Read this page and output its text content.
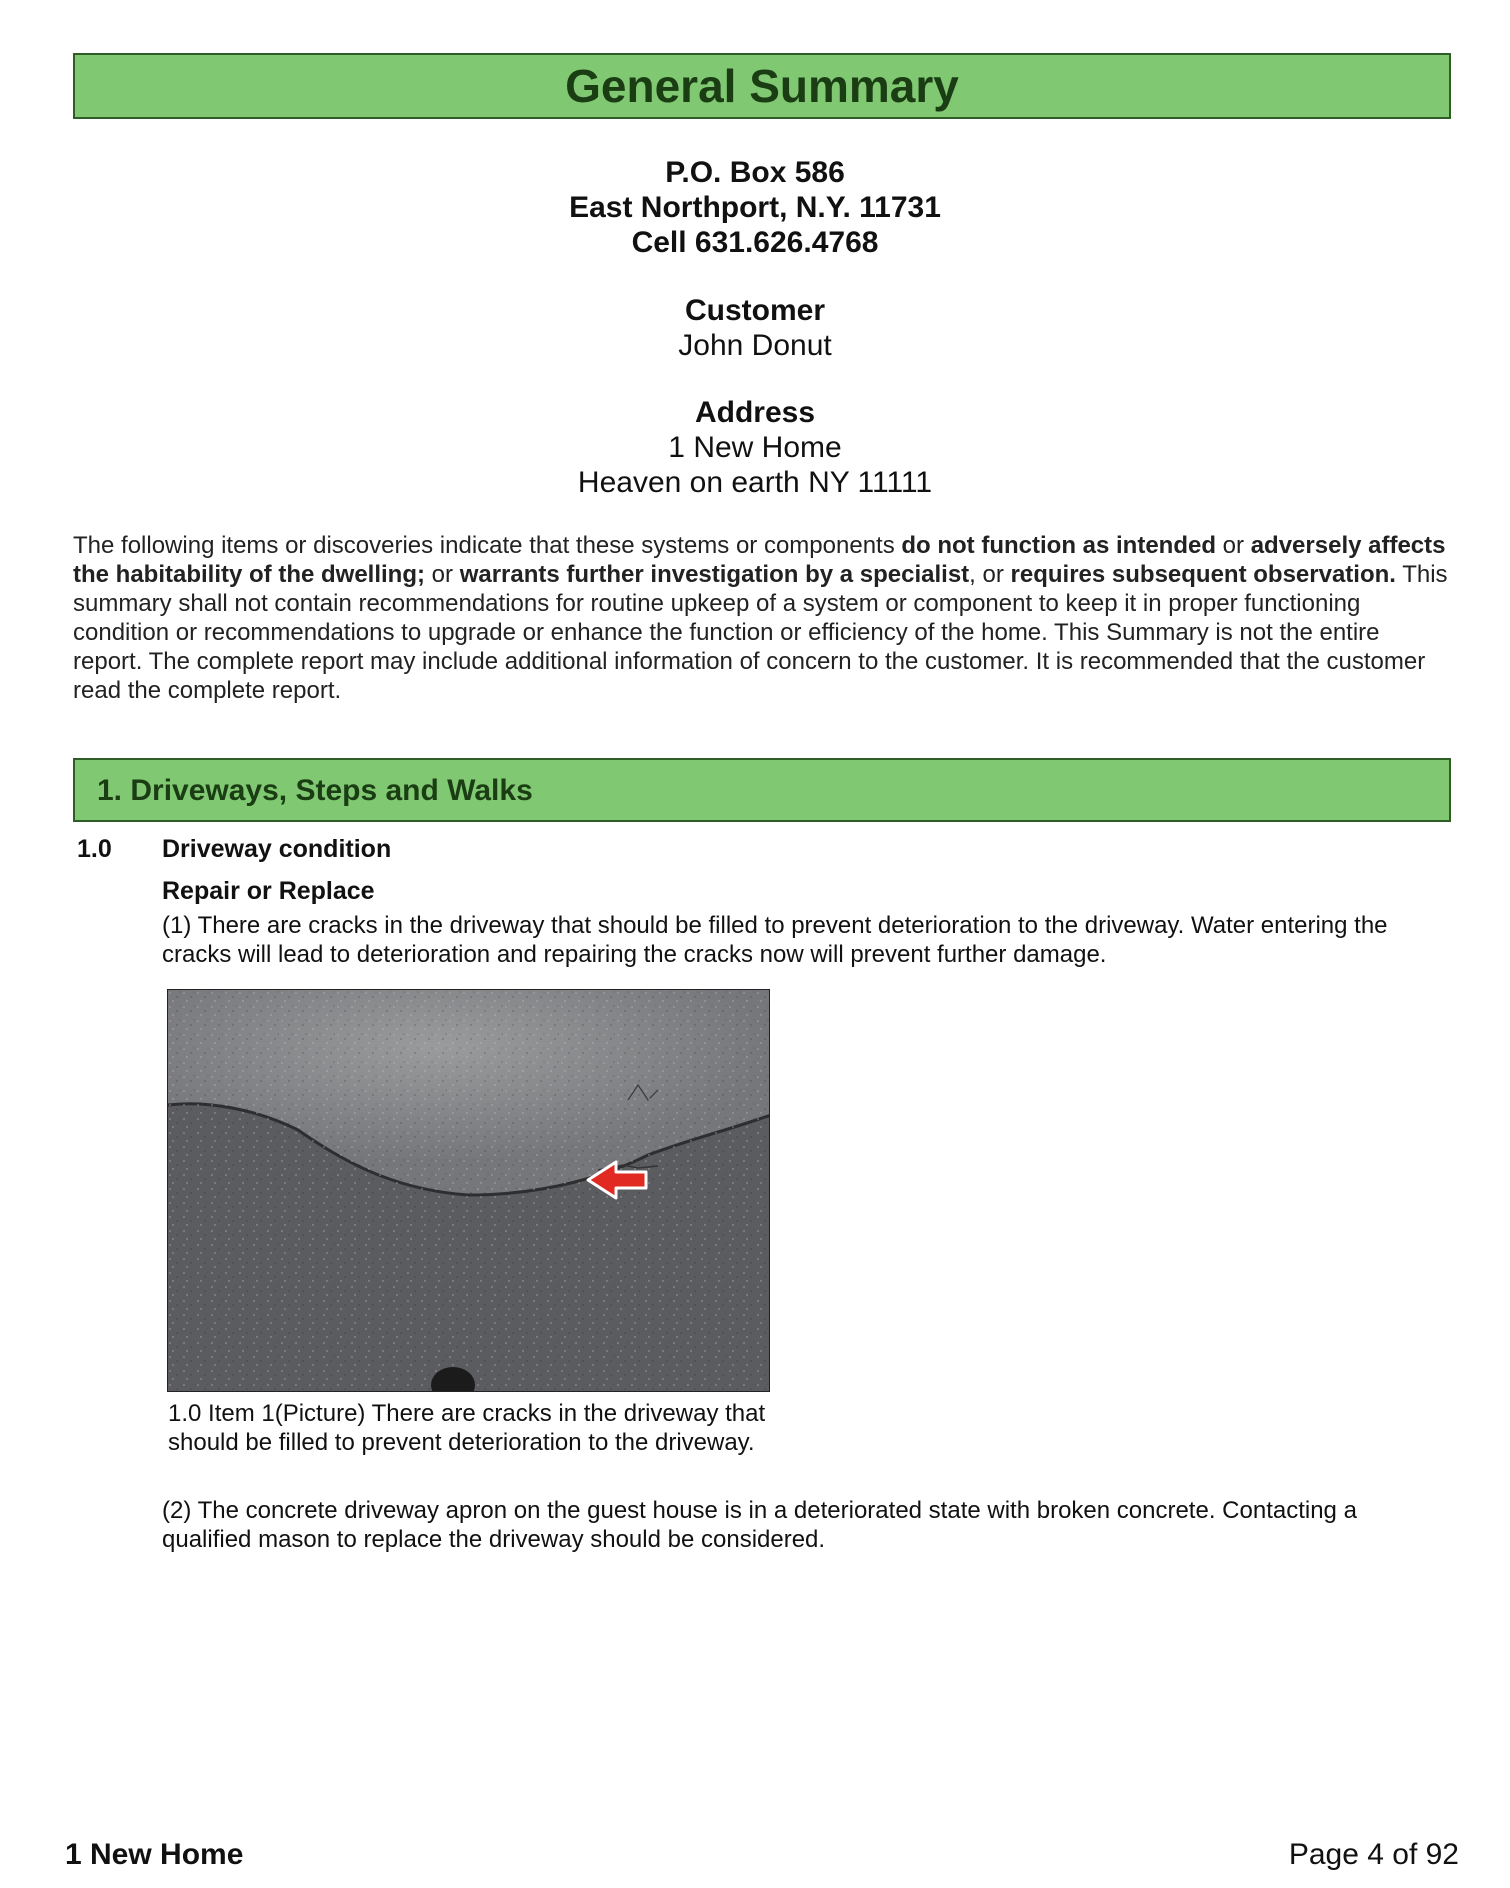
General Summary
P.O. Box 586
East Northport, N.Y. 11731
Cell 631.626.4768
Customer
John Donut
Address
1 New Home
Heaven on earth NY 11111
The following items or discoveries indicate that these systems or components do not function as intended or adversely affects the habitability of the dwelling; or warrants further investigation by a specialist, or requires subsequent observation. This summary shall not contain recommendations for routine upkeep of a system or component to keep it in proper functioning condition or recommendations to upgrade or enhance the function or efficiency of the home. This Summary is not the entire report. The complete report may include additional information of concern to the customer. It is recommended that the customer read the complete report.
1. Driveways, Steps and Walks
1.0 Driveway condition
Repair or Replace
(1) There are cracks in the driveway that should be filled to prevent deterioration to the driveway. Water entering the cracks will lead to deterioration and repairing the cracks now will prevent further damage.
1.0 Item 1(Picture) There are cracks in the driveway that should be filled to prevent deterioration to the driveway.
(2) The concrete driveway apron on the guest house is in a deteriorated state with broken concrete. Contacting a qualified mason to replace the driveway should be considered.
1 New Home	Page 4 of 92
